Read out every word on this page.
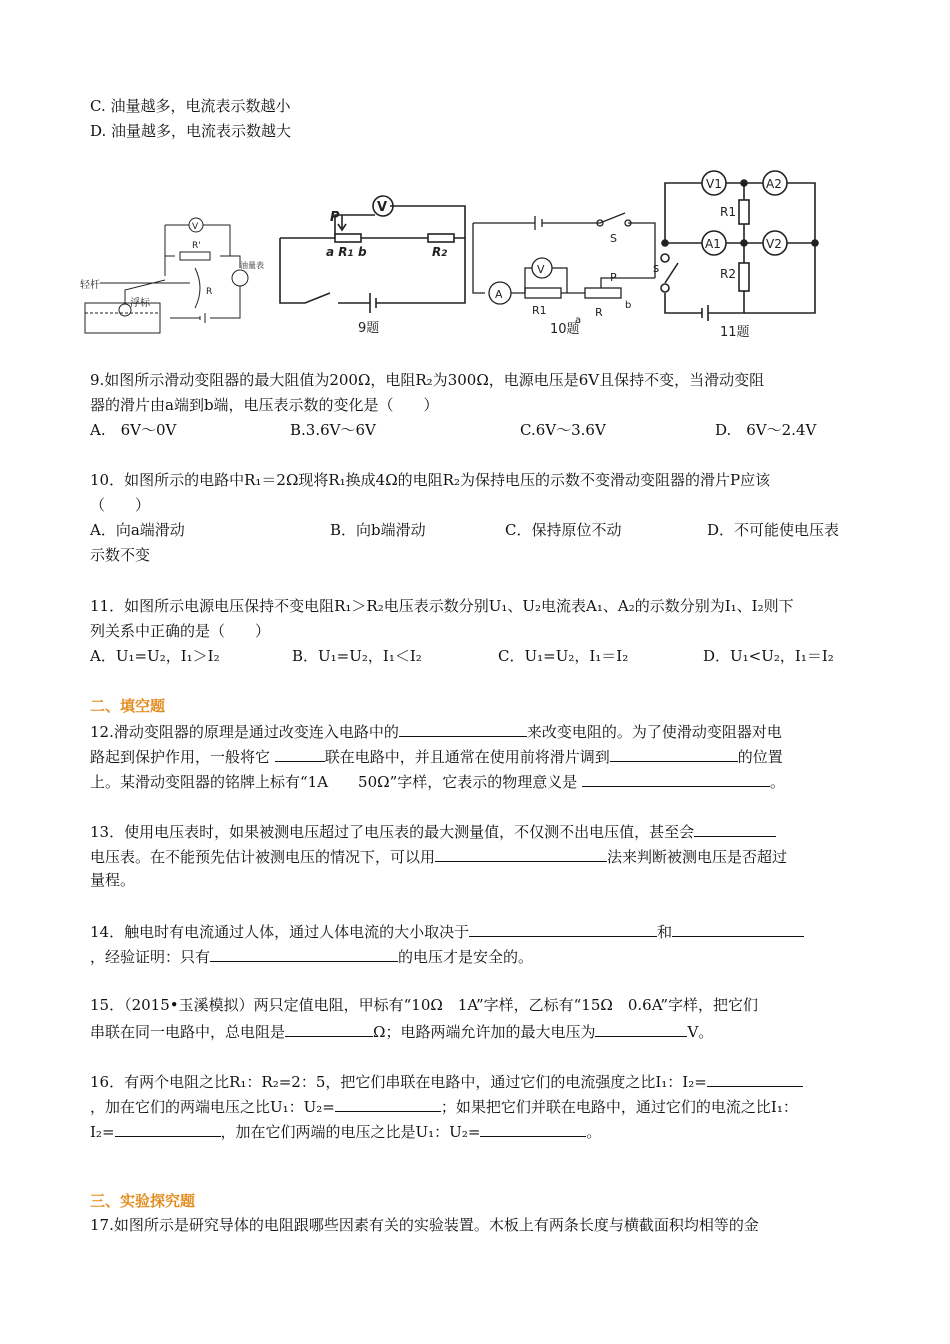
C. 油量越多，电流表示数越小
D. 油量越多，电流表示数越大
V
R'
油量表
R
轻杆
浮标
V
P
a R1 b	R2
9题
S
A
V
R1
P
R
a
b
10题
V1	A2
R1
A1	V2
R2
s
11题
9.如图所示滑动变阻器的最大阻值为200Ω，电阻R₂为300Ω，电源电压是6V且保持不变，当滑动变阻
器的滑片由a端到b端，电压表示数的变化是（　　）
A.　6V～0V	B.3.6V～6V	C.6V～3.6V	D.　6V～2.4V
10．如图所示的电路中R₁＝2Ω现将R₁换成4Ω的电阻R₂为保持电压的示数不变滑动变阻器的滑片P应该
（　　）
A．向a端滑动	B．向b端滑动	C．保持原位不动	D．不可能使电压表
示数不变
11．如图所示电源电压保持不变电阻R₁＞R₂电压表示数分别U₁、U₂电流表A₁、A₂的示数分别为I₁、I₂则下
列关系中正确的是（　　）
A．U₁=U₂，I₁＞I₂	B．U₁=U₂，I₁＜I₂	C．U₁=U₂，I₁＝I₂	D．U₁<U₂，I₁＝I₂
二、填空题
12.滑动变阻器的原理是通过改变连入电路中的	来改变电阻的。为了使滑动变阻器对电
路起到保护作用，一般将它	联在电路中，并且通常在使用前将滑片调到	的位置
上。某滑动变阻器的铭牌上标有“1A　　50Ω”字样，它表示的物理意义是	。
13．使用电压表时，如果被测电压超过了电压表的最大测量值，不仅测不出电压值，甚至会
电压表。在不能预先估计被测电压的情况下，可以用	法来判断被测电压是否超过
量程。
14．触电时有电流通过人体，通过人体电流的大小取决于	和
，经验证明：只有	的电压才是安全的。
15．（2015•玉溪模拟）两只定值电阻，甲标有“10Ω　1A”字样，乙标有“15Ω　0.6A”字样，把它们
串联在同一电路中，总电阻是	Ω；电路两端允许加的最大电压为	V。
16．有两个电阻之比R₁：R₂=2：5，把它们串联在电路中，通过它们的电流强度之比I₁：I₂=
，加在它们的两端电压之比U₁：U₂=	；如果把它们并联在电路中，通过它们的电流之比I₁：
I₂=	，加在它们两端的电压之比是U₁：U₂=	。
三、实验探究题
17.如图所示是研究导体的电阻跟哪些因素有关的实验装置。木板上有两条长度与横截面积均相等的金
